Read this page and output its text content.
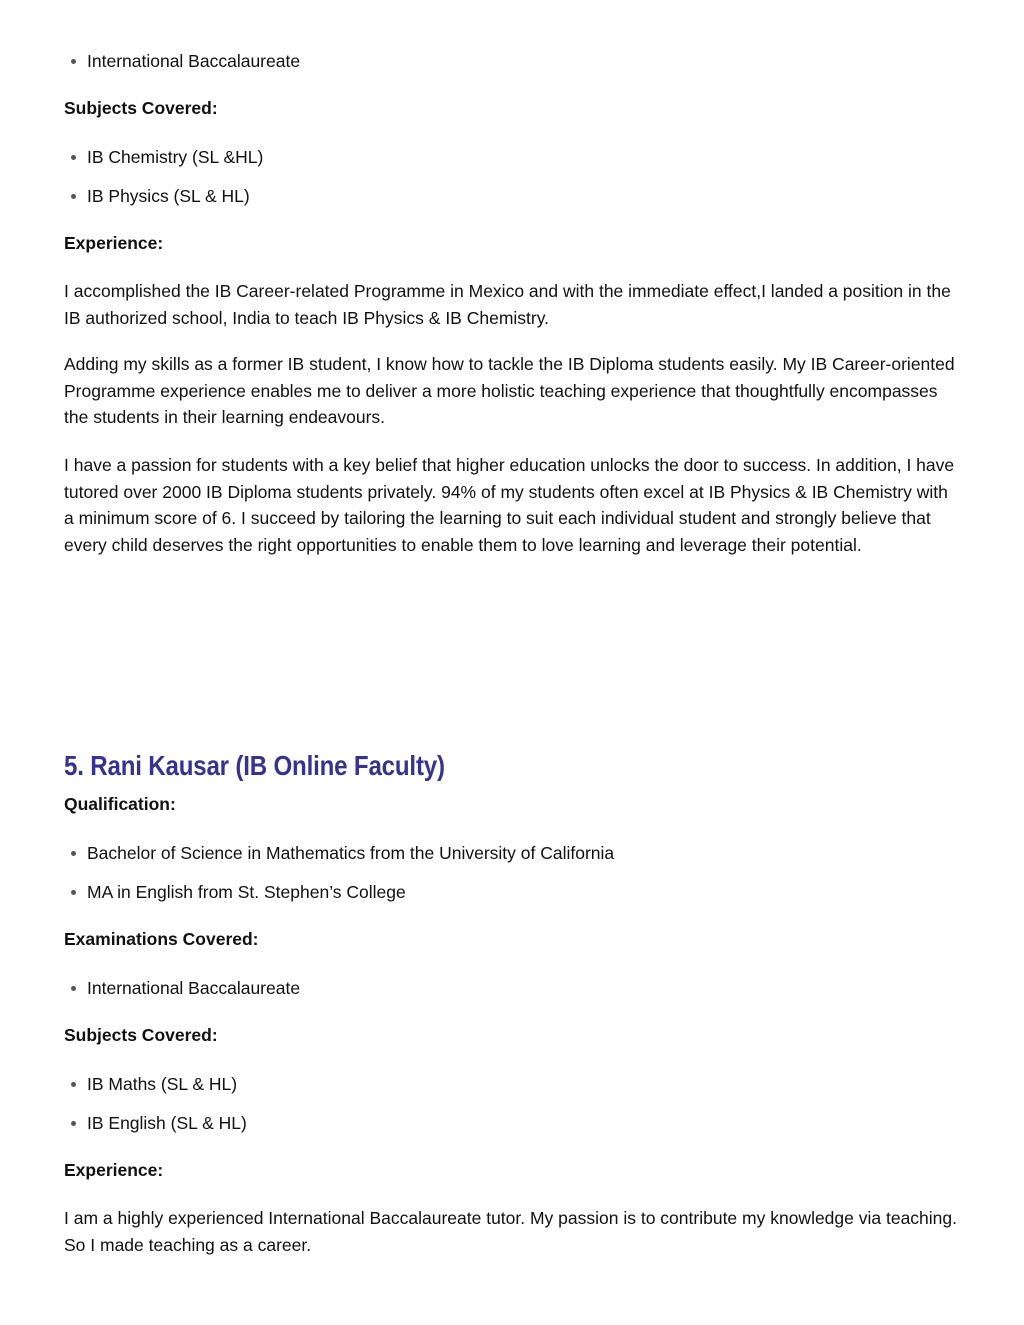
International Baccalaureate

Subjects Covered:

IB Chemistry (SL &HL)
IB Physics (SL & HL)

Experience:

I accomplished the IB Career-related Programme in Mexico and with the immediate effect,I landed a position in the IB authorized school, India to teach IB Physics & IB Chemistry.

Adding my skills as a former IB student, I know how to tackle the IB Diploma students easily. My IB Career-oriented Programme experience enables me to deliver a more holistic teaching experience that thoughtfully encompasses the students in their learning endeavours.

I have a passion for students with a key belief that higher education unlocks the door to success. In addition, I have tutored over 2000 IB Diploma students privately. 94% of my students often excel at IB Physics & IB Chemistry with a minimum score of 6. I succeed by tailoring the learning to suit each individual student and strongly believe that every child deserves the right opportunities to enable them to love learning and leverage their potential.

5. Rani Kausar (IB Online Faculty)

Qualification:

Bachelor of Science in Mathematics from the University of California
MA in English from St. Stephen’s College

Examinations Covered:

International Baccalaureate

Subjects Covered:

IB Maths (SL & HL)
IB English (SL & HL)

Experience:

I am a highly experienced International Baccalaureate tutor. My passion is to contribute my knowledge via teaching. So I made teaching as a career.
